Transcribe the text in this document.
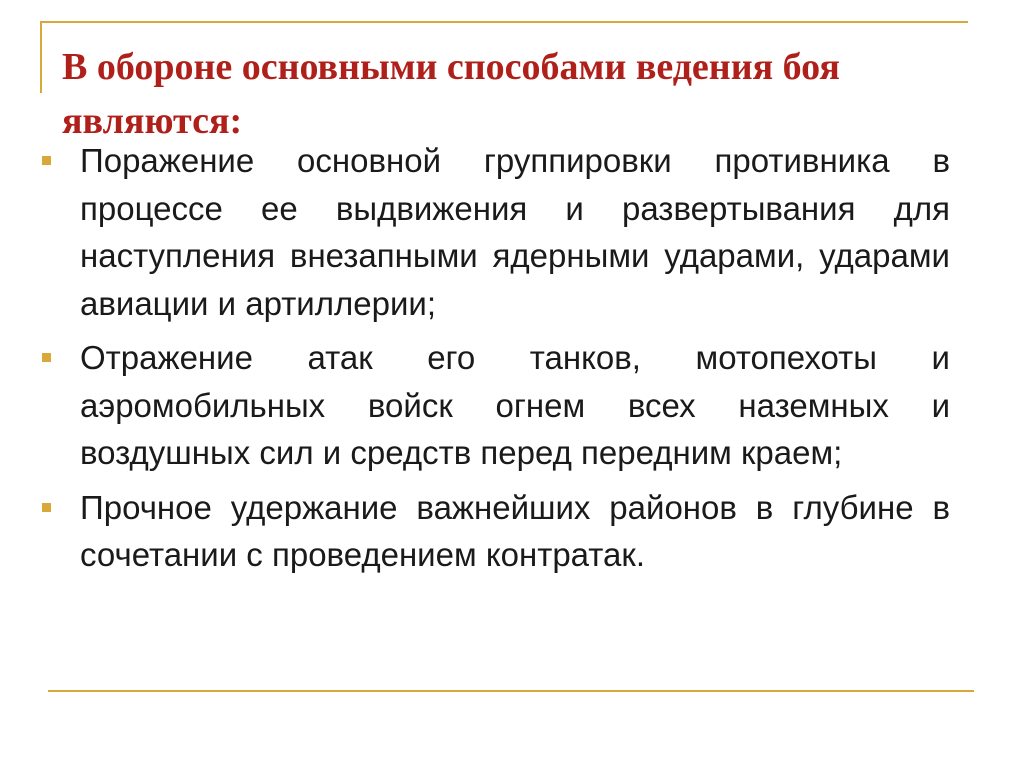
В обороне основными способами ведения боя являются:
Поражение основной группировки противника в процессе ее выдвижения и развертывания для наступления внезапными ядерными ударами, ударами авиации и артиллерии;
Отражение атак его танков, мотопехоты и аэромобильных войск огнем всех наземных и воздушных сил и средств перед передним краем;
Прочное удержание важнейших районов в глубине в сочетании с проведением контратак.
